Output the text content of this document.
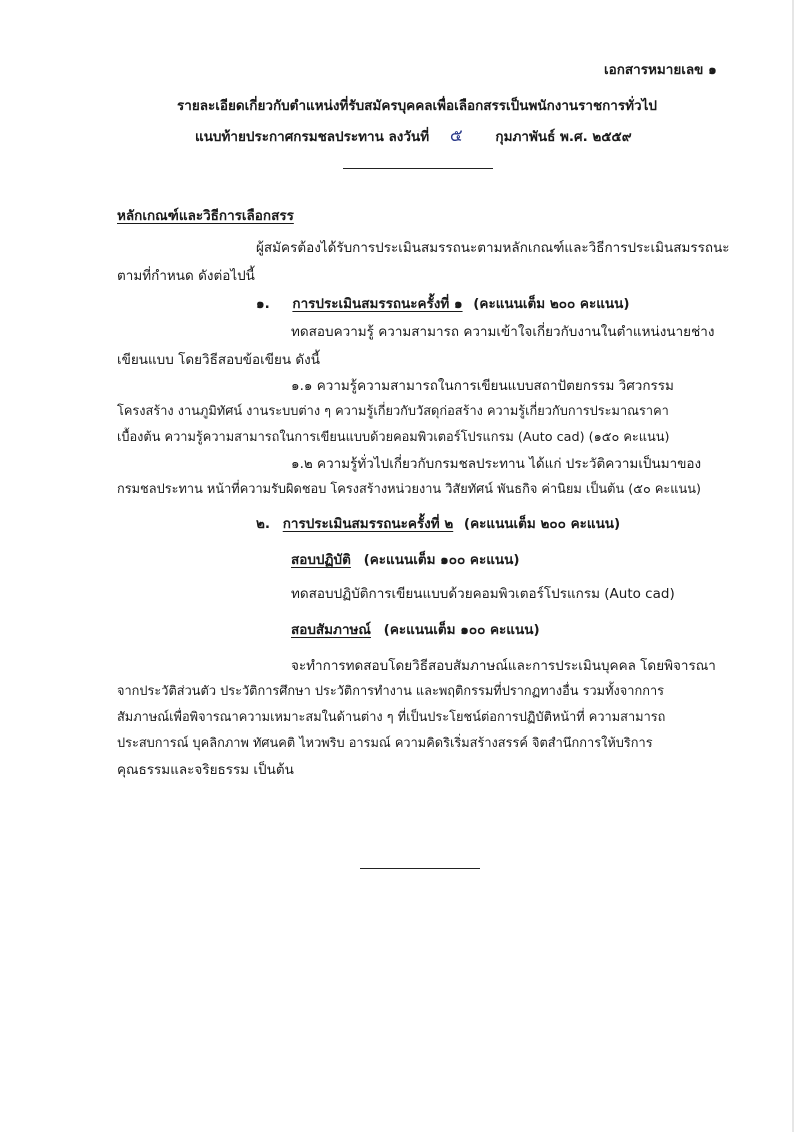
เอกสารหมายเลข ๑
รายละเอียดเกี่ยวกับตำแหน่งที่รับสมัครบุคคลเพื่อเลือกสรรเป็นพนักงานราชการทั่วไป
แนบท้ายประกาศกรมชลประทาน ลงวันที่ ๕ กุมภาพันธ์ พ.ศ. ๒๕๕๙
หลักเกณฑ์และวิธีการเลือกสรร
ผู้สมัครต้องได้รับการประเมินสมรรถนะตามหลักเกณฑ์และวิธีการประเมินสมรรถนะ
ตามที่กำหนด ดังต่อไปนี้
๑. การประเมินสมรรถนะครั้งที่ ๑ (คะแนนเต็ม ๒๐๐ คะแนน)
ทดสอบความรู้ ความสามารถ ความเข้าใจเกี่ยวกับงานในตำแหน่งนายช่าง
เขียนแบบ โดยวิธีสอบข้อเขียน ดังนี้
๑.๑ ความรู้ความสามารถในการเขียนแบบสถาปัตยกรรม วิศวกรรม
โครงสร้าง งานภูมิทัศน์ งานระบบต่าง ๆ ความรู้เกี่ยวกับวัสดุก่อสร้าง ความรู้เกี่ยวกับการประมาณราคา
เบื้องต้น ความรู้ความสามารถในการเขียนแบบด้วยคอมพิวเตอร์โปรแกรม (Auto cad) (๑๕๐ คะแนน)
๑.๒ ความรู้ทั่วไปเกี่ยวกับกรมชลประทาน ได้แก่ ประวัติความเป็นมาของ
กรมชลประทาน หน้าที่ความรับผิดชอบ โครงสร้างหน่วยงาน วิสัยทัศน์ พันธกิจ ค่านิยม เป็นต้น (๕๐ คะแนน)
๒. การประเมินสมรรถนะครั้งที่ ๒ (คะแนนเต็ม ๒๐๐ คะแนน)
สอบปฏิบัติ (คะแนนเต็ม ๑๐๐ คะแนน)
ทดสอบปฏิบัติการเขียนแบบด้วยคอมพิวเตอร์โปรแกรม (Auto cad)
สอบสัมภาษณ์ (คะแนนเต็ม ๑๐๐ คะแนน)
จะทำการทดสอบโดยวิธีสอบสัมภาษณ์และการประเมินบุคคล โดยพิจารณา
จากประวัติส่วนตัว ประวัติการศึกษา ประวัติการทำงาน และพฤติกรรมที่ปรากฏทางอื่น รวมทั้งจากการ
สัมภาษณ์เพื่อพิจารณาความเหมาะสมในด้านต่าง ๆ ที่เป็นประโยชน์ต่อการปฏิบัติหน้าที่ ความสามารถ
ประสบการณ์ บุคลิกภาพ ทัศนคติ ไหวพริบ อารมณ์ ความคิดริเริ่มสร้างสรรค์ จิตสำนึกการให้บริการ
คุณธรรมและจริยธรรม เป็นต้น
